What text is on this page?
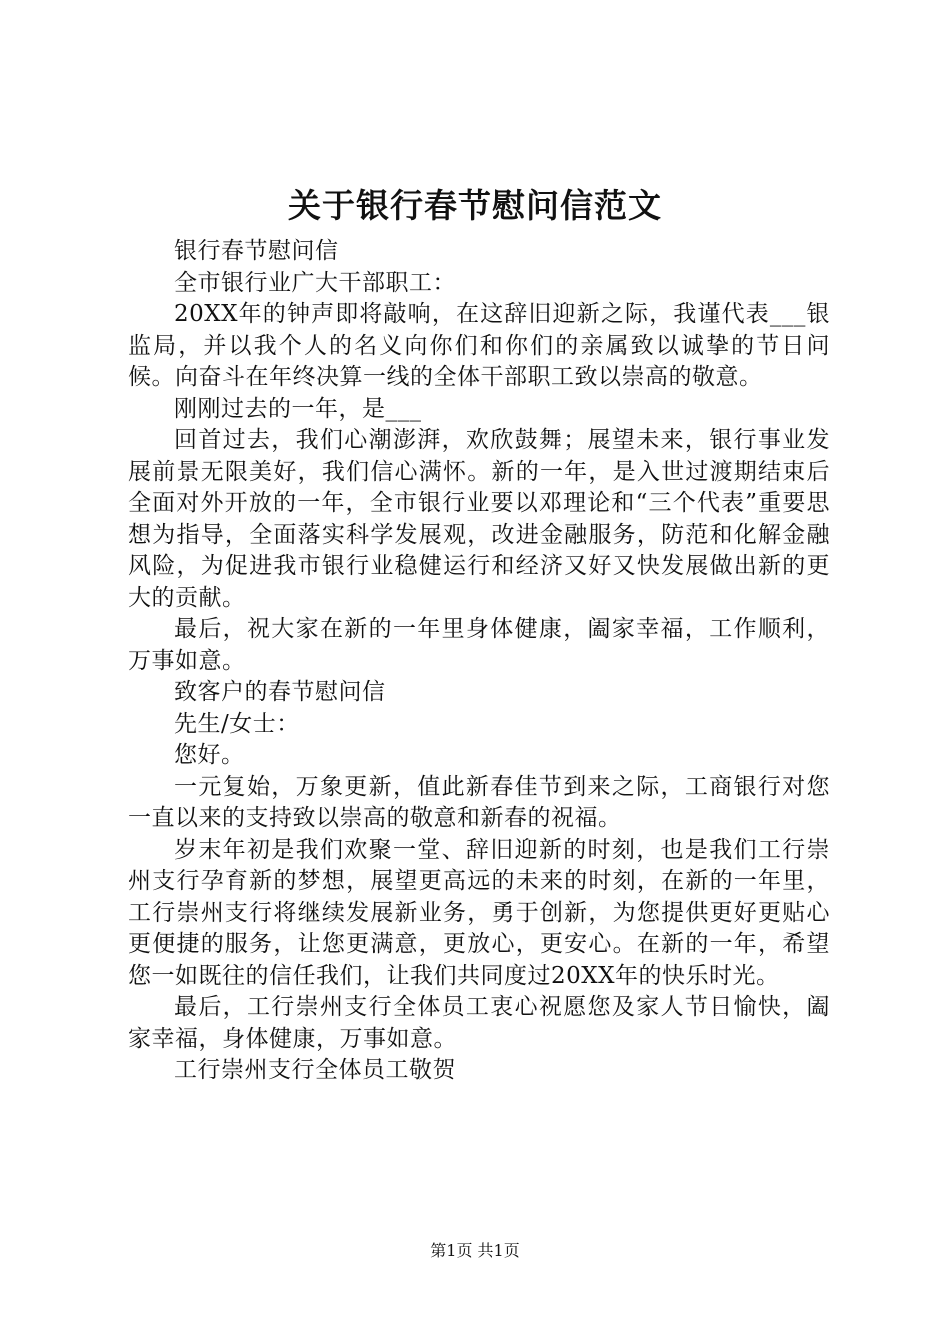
关于银行春节慰问信范文

银行春节慰问信

全市银行业广大干部职工：

20XX年的钟声即将敲响，在这辞旧迎新之际，我谨代表___银监局，并以我个人的名义向你们和你们的亲属致以诚挚的节日问候。向奋斗在年终决算一线的全体干部职工致以崇高的敬意。

刚刚过去的一年，是___

回首过去，我们心潮澎湃，欢欣鼓舞；展望未来，银行事业发展前景无限美好，我们信心满怀。新的一年，是入世过渡期结束后全面对外开放的一年，全市银行业要以邓理论和“三个代表”重要思想为指导，全面落实科学发展观，改进金融服务，防范和化解金融风险，为促进我市银行业稳健运行和经济又好又快发展做出新的更大的贡献。

最后，祝大家在新的一年里身体健康，阖家幸福，工作顺利，万事如意。

致客户的春节慰问信

先生/女士：

您好。

一元复始，万象更新，值此新春佳节到来之际，工商银行对您一直以来的支持致以崇高的敬意和新春的祝福。

岁末年初是我们欢聚一堂、辞旧迎新的时刻，也是我们工行崇州支行孕育新的梦想，展望更高远的未来的时刻，在新的一年里，工行崇州支行将继续发展新业务，勇于创新，为您提供更好更贴心更便捷的服务，让您更满意，更放心，更安心。在新的一年，希望您一如既往的信任我们，让我们共同度过20XX年的快乐时光。

最后，工行崇州支行全体员工衷心祝愿您及家人节日愉快，阖家幸福，身体健康，万事如意。

工行崇州支行全体员工敬贺

第1页 共1页
